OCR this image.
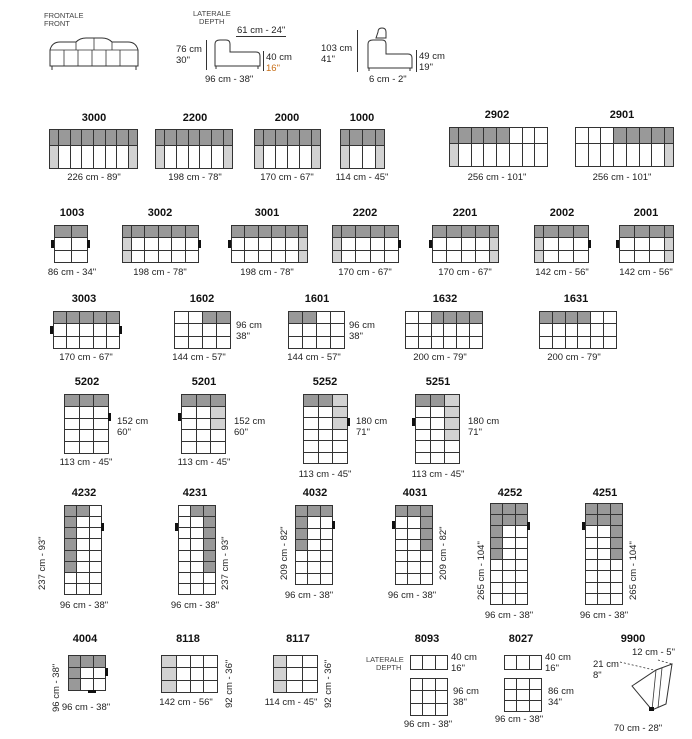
FRONTALE
FRONT
LATERALE
DEPTH
61 cm - 24"
76 cm
30"	40 cm
16"
96 cm - 38"
103 cm
41"	49 cm
19"
6 cm - 2"
3000
226 cm - 89"
2200
198 cm - 78"
2000
170 cm - 67"
1000
114 cm - 45"
2902
256 cm - 101"
2901
256 cm - 101"
1003
86 cm - 34"
3002
198 cm - 78"
3001
198 cm - 78"
2202
170 cm - 67"
2201
170 cm - 67"
2002
142 cm - 56"
2001
142 cm - 56"
3003
170 cm - 67"
1602
96 cm
38"
144 cm - 57"
1601
96 cm
38"
144 cm - 57"
1632
200 cm - 79"
1631
200 cm - 79"
5202
152 cm
60"
113 cm - 45"
5201
152 cm
60"
113 cm - 45"
5252
180 cm
71"
113 cm - 45"
5251
180 cm
71"
113 cm - 45"
4232
237 cm - 93"
96 cm - 38"
4231
237 cm - 93"
96 cm - 38"
4032
209 cm - 82"
96 cm - 38"
4031
209 cm - 82"
96 cm - 38"
4252
265 cm - 104"
96 cm - 38"
4251
265 cm - 104"
96 cm - 38"
4004
96 cm - 38" 96 cm - 38"
8118
92 cm - 36"
142 cm - 56"
8117
92 cm - 36"
114 cm - 45"
8093
LATERALE
DEPTH
40 cm
16"
96 cm
38"
96 cm - 38"
8027
40 cm
16"
86 cm
34"
96 cm - 38"
9900
12 cm - 5"
21 cm
8"
70 cm - 28"
